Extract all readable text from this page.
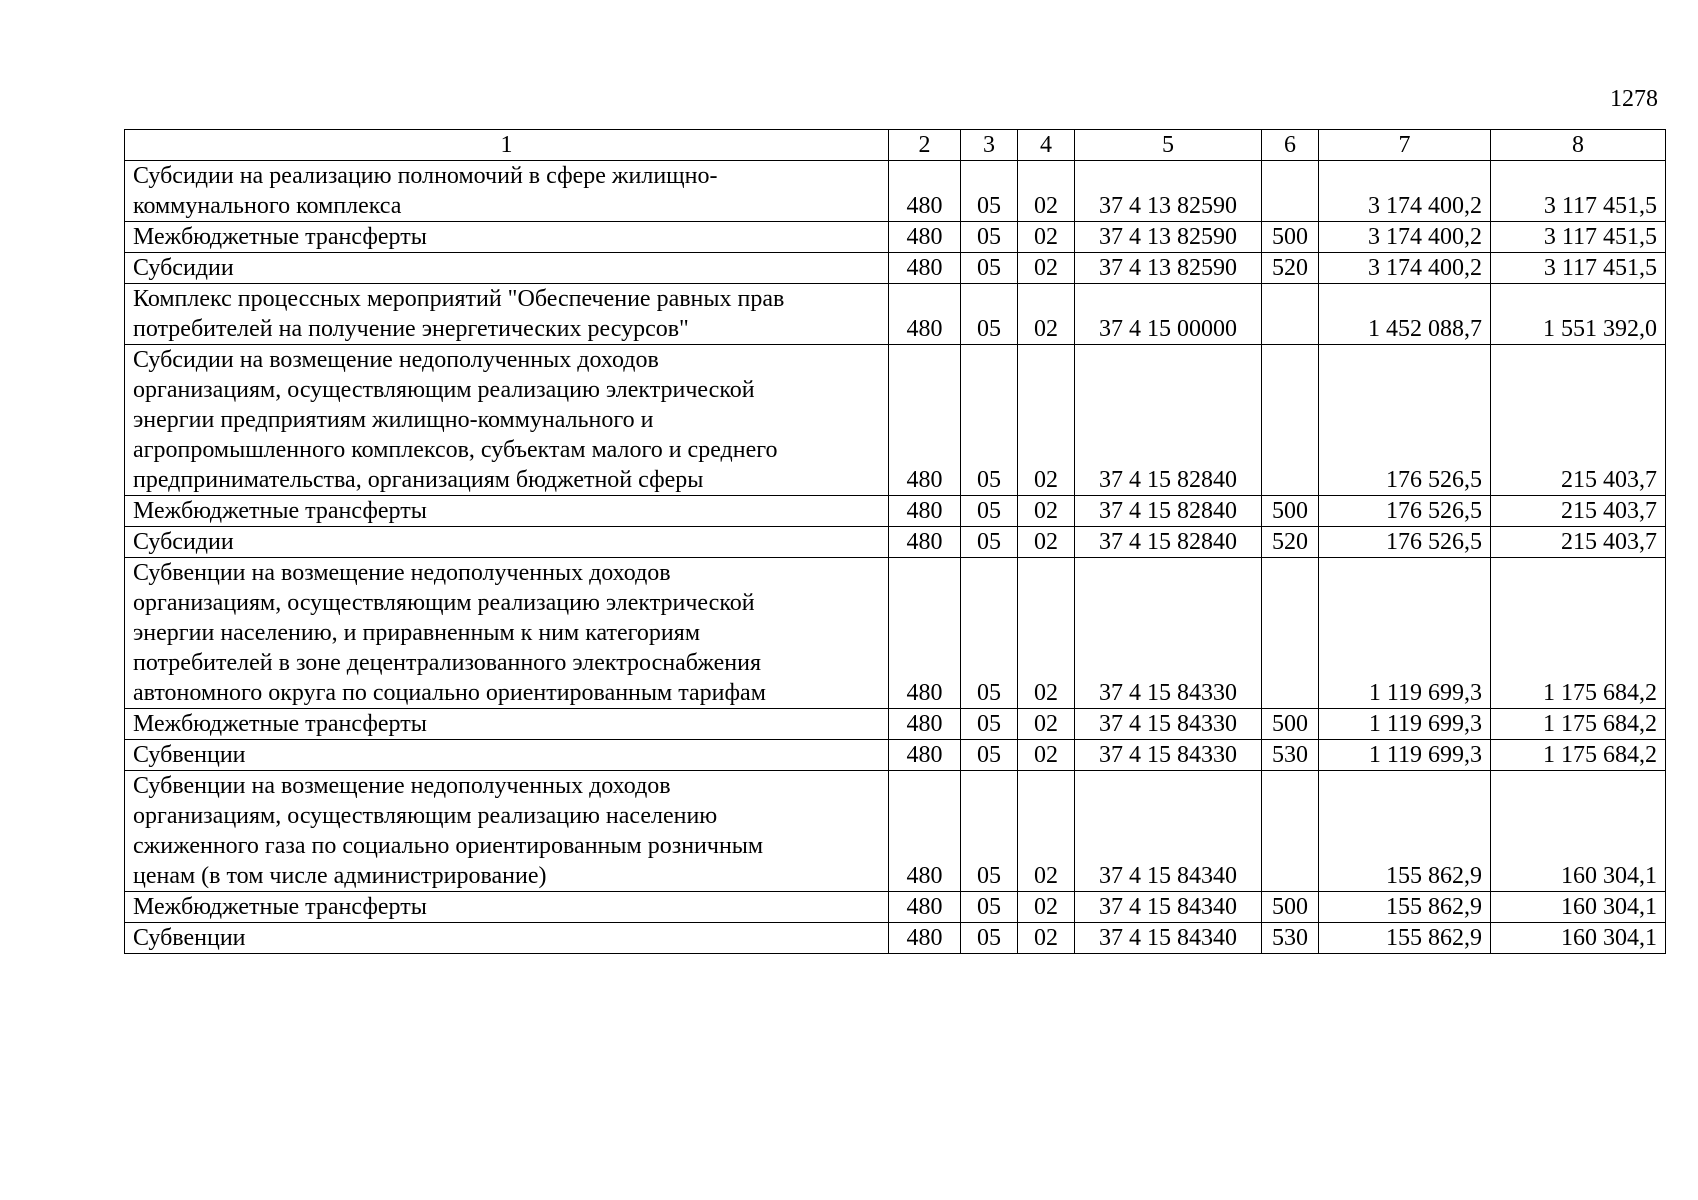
1278
1	2	3	4	5	6	7	8

Субсидии на реализацию полномочий в сфере жилищно-
коммунального комплекса	480	05	02	37 4 13 82590		3 174 400,2	3 117 451,5

Межбюджетные трансферты	480	05	02	37 4 13 82590	500	3 174 400,2	3 117 451,5

Субсидии	480	05	02	37 4 13 82590	520	3 174 400,2	3 117 451,5

Комплекс процессных мероприятий "Обеспечение равных прав
потребителей на получение энергетических ресурсов"	480	05	02	37 4 15 00000		1 452 088,7	1 551 392,0

Субсидии на возмещение недополученных доходов
организациям, осуществляющим реализацию электрической
энергии предприятиям жилищно-коммунального и
агропромышленного комплексов, субъектам малого и среднего
предпринимательства, организациям бюджетной сферы	480	05	02	37 4 15 82840		176 526,5	215 403,7

Межбюджетные трансферты	480	05	02	37 4 15 82840	500	176 526,5	215 403,7

Субсидии	480	05	02	37 4 15 82840	520	176 526,5	215 403,7

Субвенции на возмещение недополученных доходов
организациям, осуществляющим реализацию электрической
энергии населению, и приравненным к ним категориям
потребителей в зоне децентрализованного электроснабжения
автономного округа по социально ориентированным тарифам	480	05	02	37 4 15 84330		1 119 699,3	1 175 684,2

Межбюджетные трансферты	480	05	02	37 4 15 84330	500	1 119 699,3	1 175 684,2

Субвенции	480	05	02	37 4 15 84330	530	1 119 699,3	1 175 684,2

Субвенции на возмещение недополученных доходов
организациям, осуществляющим реализацию населению
сжиженного газа по социально ориентированным розничным
ценам (в том числе администрирование)	480	05	02	37 4 15 84340		155 862,9	160 304,1

Межбюджетные трансферты	480	05	02	37 4 15 84340	500	155 862,9	160 304,1

Субвенции	480	05	02	37 4 15 84340	530	155 862,9	160 304,1
